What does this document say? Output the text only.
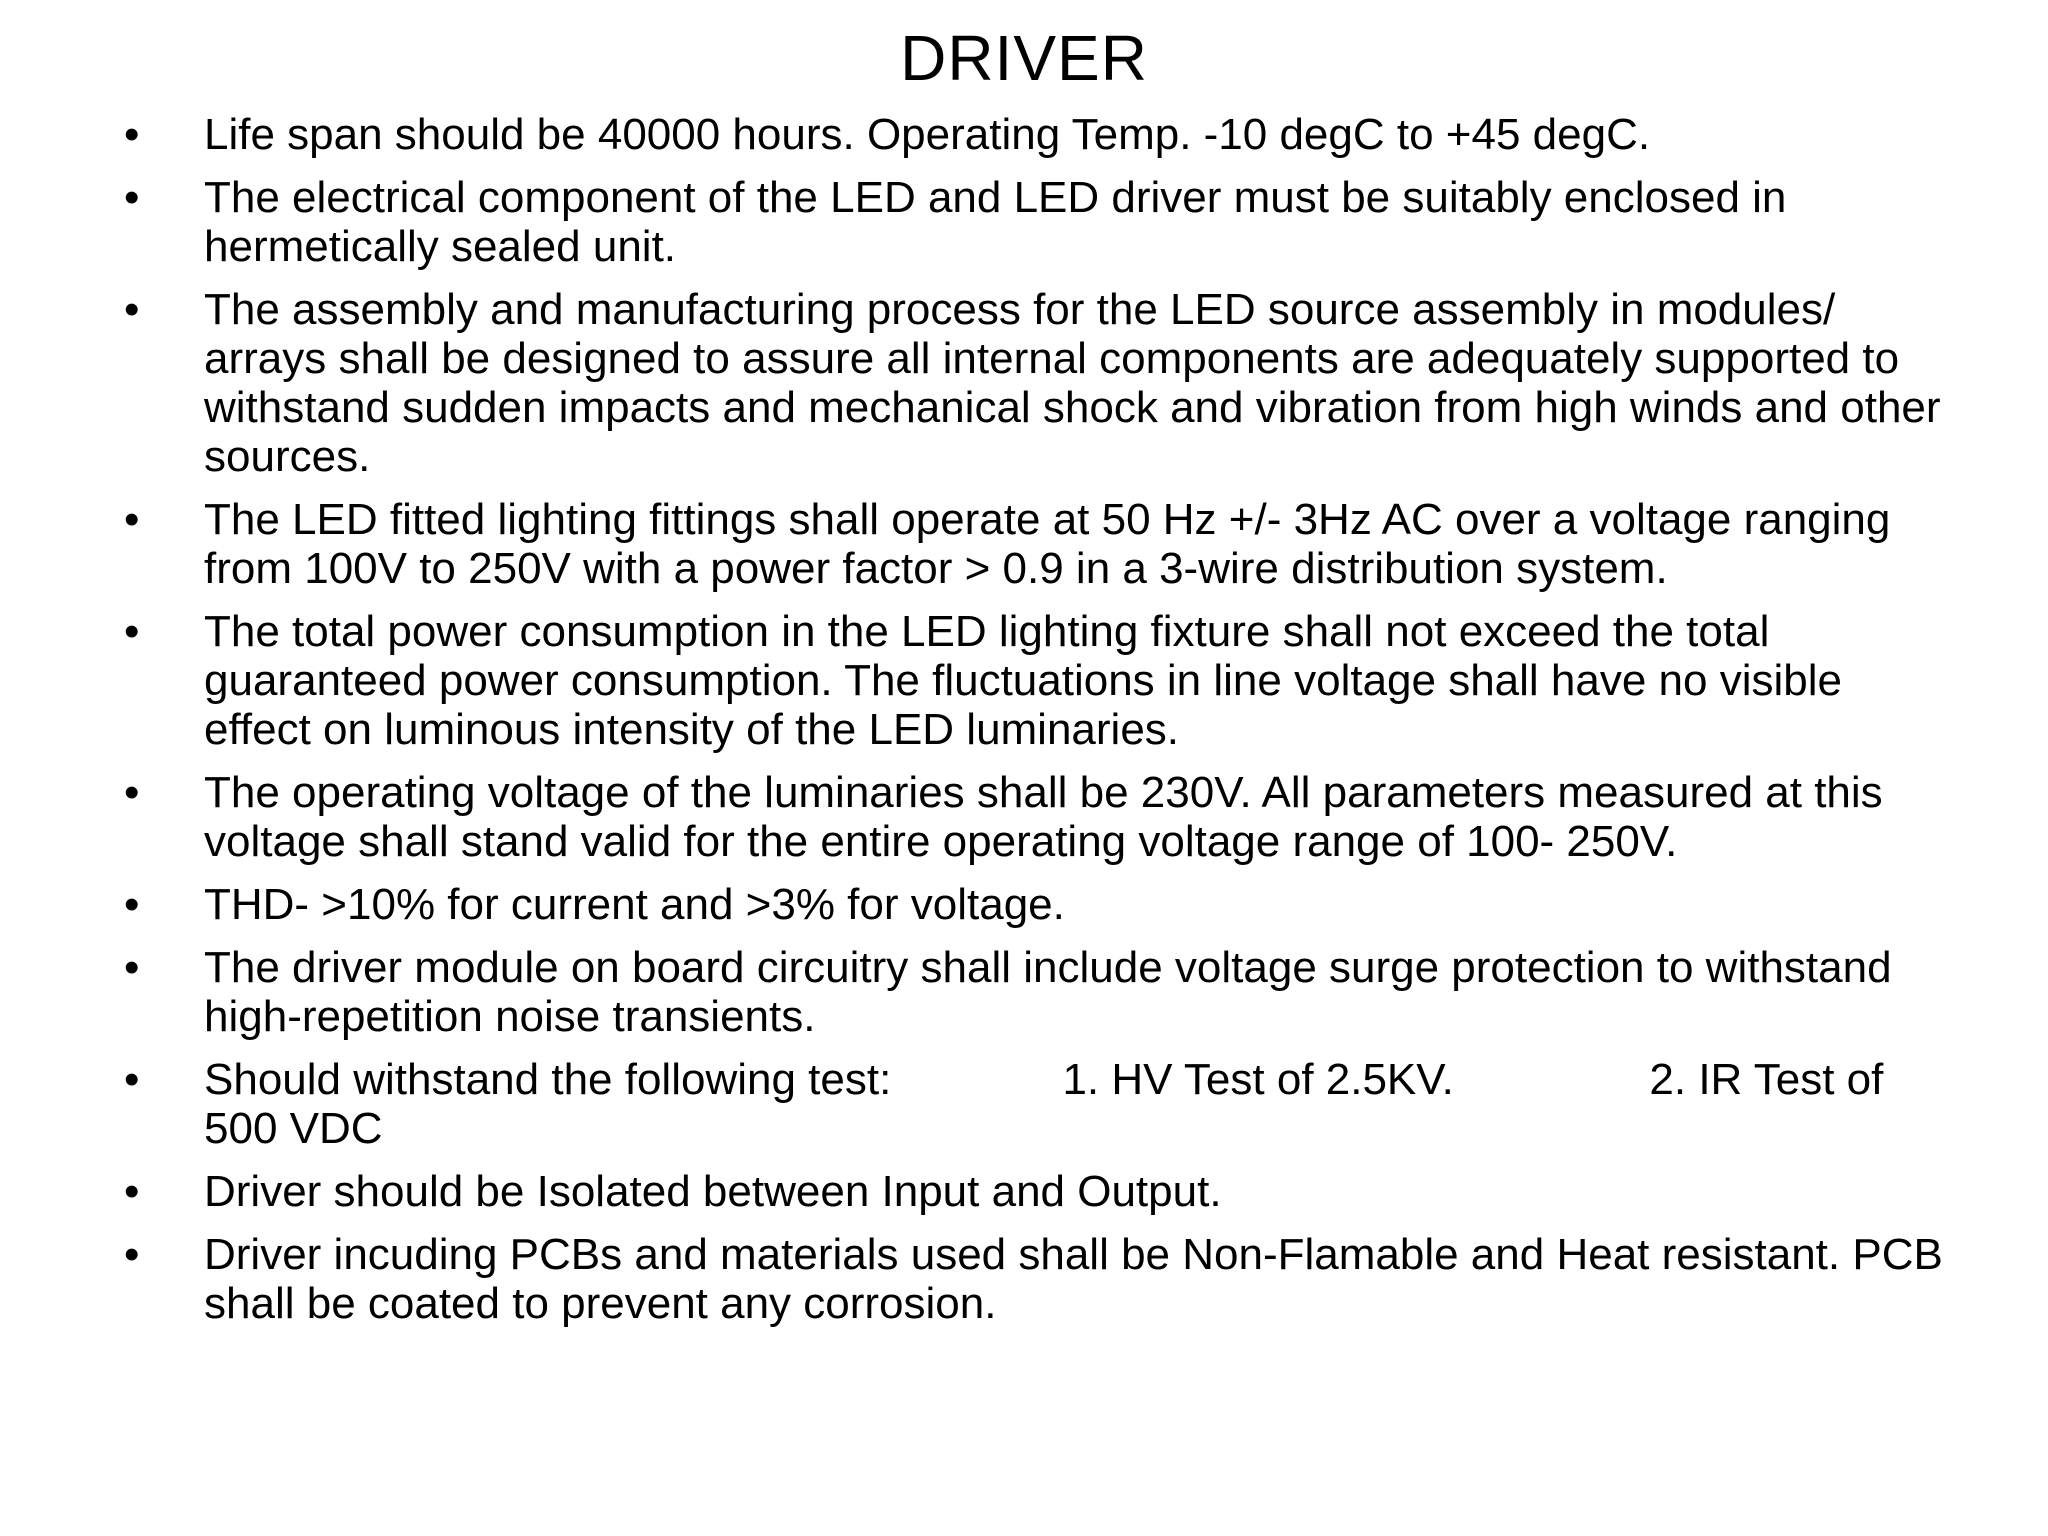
DRIVER
•	Life span should be 40000 hours. Operating Temp. -10 degC to +45 degC.
•	The electrical component of the LED and LED driver must be suitably enclosed in hermetically sealed unit.
•	The assembly and manufacturing process for the LED source assembly in modules/ arrays shall be designed to assure all internal components are adequately supported to withstand sudden impacts and mechanical shock and vibration from high winds and other sources.
•	The LED fitted lighting fittings shall operate at 50 Hz +/- 3Hz AC over a voltage ranging from 100V to 250V with a power factor > 0.9 in a 3-wire distribution system.
•	The total power consumption in the LED lighting fixture shall not exceed the total guaranteed power consumption. The fluctuations in line voltage shall have no visible effect on luminous intensity of the LED luminaries.
•	The operating voltage of the luminaries shall be 230V. All parameters measured at this voltage shall stand valid for the entire operating voltage range of 100- 250V.
•	THD- >10% for current and >3% for voltage.
•	The driver module on board circuitry shall include voltage surge protection to withstand high-repetition noise transients.
•	Should withstand the following test:              1. HV Test of 2.5KV.                2. IR Test of 500 VDC
•	Driver should be Isolated between Input and Output.
•	Driver incuding PCBs and materials used shall be Non-Flamable and Heat resistant. PCB shall be coated to prevent any corrosion.
